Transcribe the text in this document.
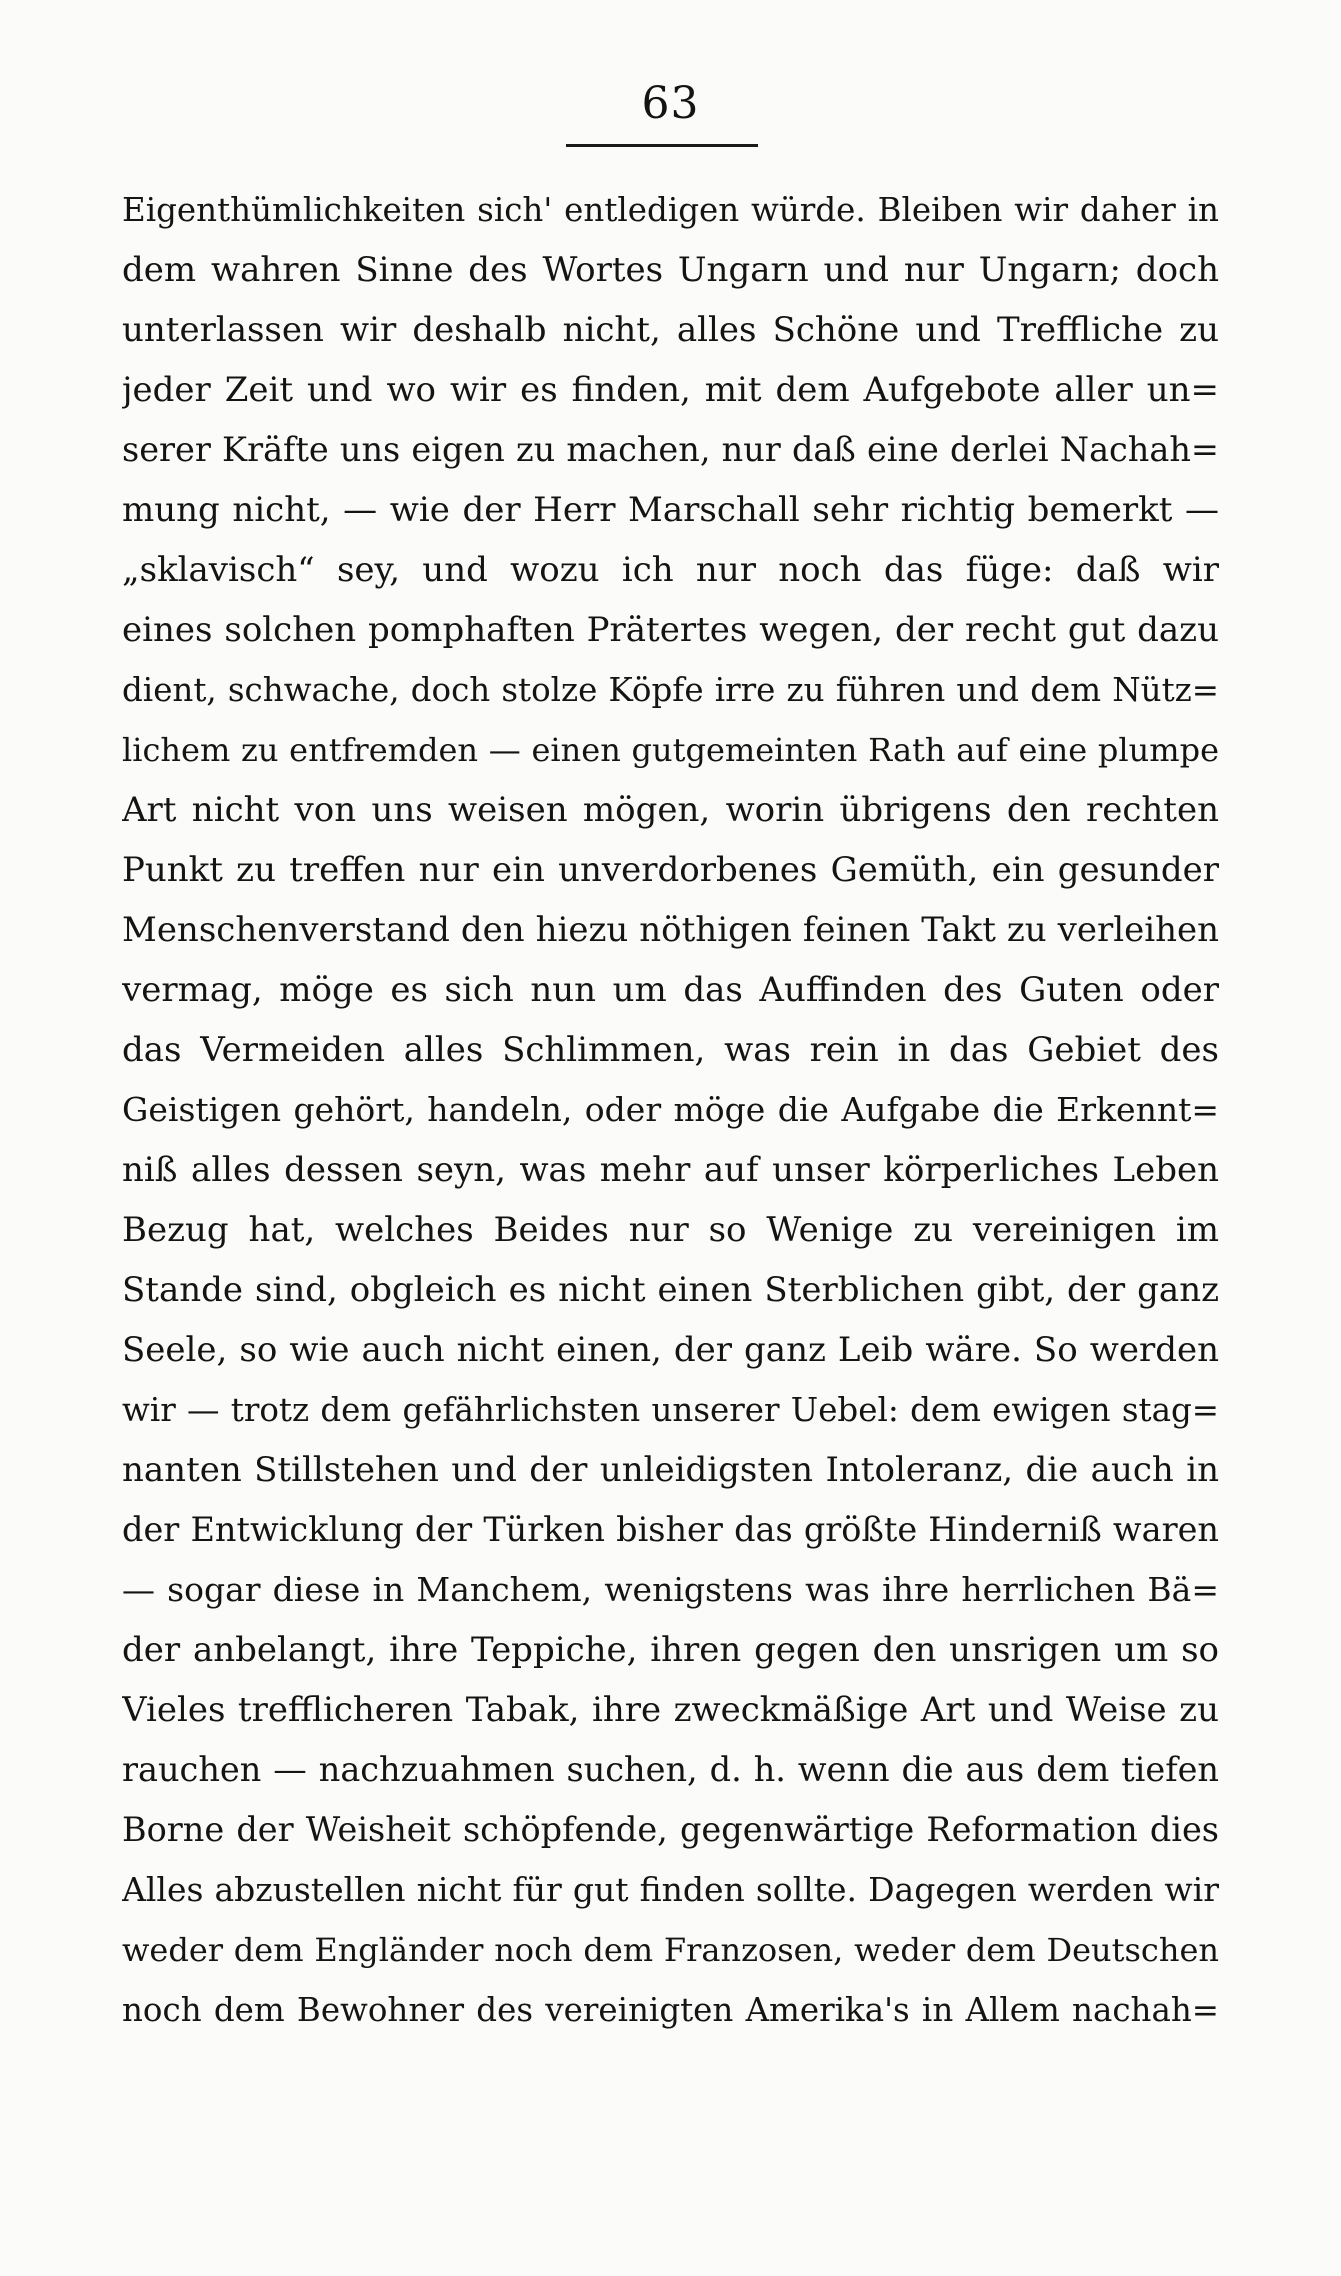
63
Eigenthümlichkeiten sich' entledigen würde. Bleiben wir daher in
dem wahren Sinne des Wortes Ungarn und nur Ungarn; doch
unterlassen wir deshalb nicht, alles Schöne und Treffliche zu
jeder Zeit und wo wir es finden, mit dem Aufgebote aller un=
serer Kräfte uns eigen zu machen, nur daß eine derlei Nachah=
mung nicht, — wie der Herr Marschall sehr richtig bemerkt —
„sklavisch“ sey, und wozu ich nur noch das füge: daß wir
eines solchen pomphaften Prätertes wegen, der recht gut dazu
dient, schwache, doch stolze Köpfe irre zu führen und dem Nütz=
lichem zu entfremden — einen gutgemeinten Rath auf eine plumpe
Art nicht von uns weisen mögen, worin übrigens den rechten
Punkt zu treffen nur ein unverdorbenes Gemüth, ein gesunder
Menschenverstand den hiezu nöthigen feinen Takt zu verleihen
vermag, möge es sich nun um das Auffinden des Guten oder
das Vermeiden alles Schlimmen, was rein in das Gebiet des
Geistigen gehört, handeln, oder möge die Aufgabe die Erkennt=
niß alles dessen seyn, was mehr auf unser körperliches Leben
Bezug hat, welches Beides nur so Wenige zu vereinigen im
Stande sind, obgleich es nicht einen Sterblichen gibt, der ganz
Seele, so wie auch nicht einen, der ganz Leib wäre. So werden
wir — trotz dem gefährlichsten unserer Uebel: dem ewigen stag=
nanten Stillstehen und der unleidigsten Intoleranz, die auch in
der Entwicklung der Türken bisher das größte Hinderniß waren
— sogar diese in Manchem, wenigstens was ihre herrlichen Bä=
der anbelangt, ihre Teppiche, ihren gegen den unsrigen um so
Vieles trefflicheren Tabak, ihre zweckmäßige Art und Weise zu
rauchen — nachzuahmen suchen, d. h. wenn die aus dem tiefen
Borne der Weisheit schöpfende, gegenwärtige Reformation dies
Alles abzustellen nicht für gut finden sollte. Dagegen werden wir
weder dem Engländer noch dem Franzosen, weder dem Deutschen
noch dem Bewohner des vereinigten Amerika's in Allem nachah=
